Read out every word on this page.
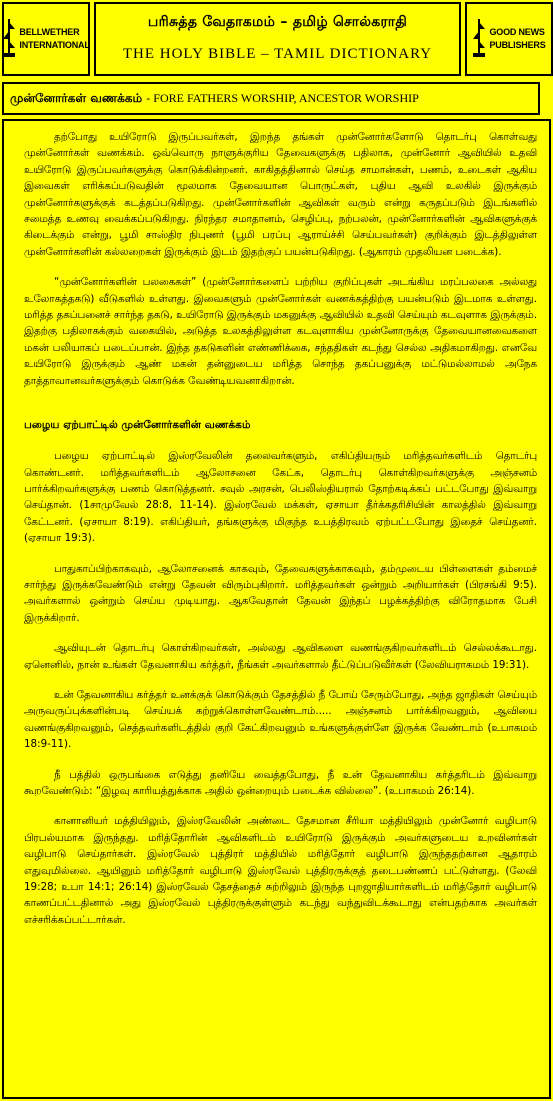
BELLWETHER
INTERNATIONAL
பரிசுத்த வேதாகமம் – தமிழ் சொல்கராதி
THE HOLY BIBLE – TAMIL DICTIONARY
GOOD NEWS
PUBLISHERS
முன்னோர்கள் வணக்கம்
- FORE FATHERS WORSHIP, ANCESTOR WORSHIP

தற்போது உயிரோடு இருப்பவர்கள், இறந்த தங்கள் முன்னோர்களோடு தொடர்பு கொள்வது முன்னோர்கள் வணக்கம். ஒவ்வொரு நாளுக்குரிய தேவைகளுக்கு பதிலாக, முன்னோர் ஆவியில் உதவி உயிரோடு இருப்பவர்களுக்கு கொடுக்கின்றனர். காகிதத்தினால் செய்த சாமான்கள், பணம், உடைகள் ஆகிய இவைகள் எரிக்கப்படுவதின் மூலமாக தேவையான பொருட்கள், புதிய ஆவி உலகில் இருக்கும் முன்னோர்களுக்குக் கடத்தப்படுகிறது. முன்னோர்களின் ஆவிகள் வரும் என்று கருதப்படும் இடங்களில் சமைத்த உணவு வைக்கப்படுகிறது. நிரந்தர சமாதானம், செழிப்பு, நற்பலன், முன்னோர்களின் ஆவிகளுக்குக் கிடைக்கும் என்று, பூமி சாஸ்திர நிபுணர் (பூமி பரப்பு ஆராய்ச்சி செய்பவர்கள்) குறிக்கும் இடத்திலுள்ள முன்னோர்களின் கல்லறைகள் இருக்கும் இடம் இதற்குப் பயன்படுகிறது. (ஆகாரம் முதலியன படைக்க).

“முன்னோர்களின் பலகைகள்” (முன்னோர்களைப் பற்றிய குறிப்புகள் அடங்கிய மரப்பலகை அல்லது உலோகத்தகடு) வீடுகளில் உள்ளது. இவைகளும் முன்னோர்கள் வணக்கத்திற்கு பயன்படும் இடமாக உள்ளது. மரித்த தகப்பனைச் சார்ந்த தகடு, உயிரோடு இருக்கும் மகனுக்கு ஆவியில் உதவி செய்யும் கடவுளாக இருக்கும். இதற்கு பதிலாகக்கும் வகையில், அடுத்த உலகத்திலுள்ள கடவுளாகிய முன்னோருக்கு தேவையானவைகளை மகன் பலியாகப் படைப்பான். இந்த தகடுகளின் எண்ணிக்கை, சந்ததிகள் கடந்து செல்ல அதிகமாகிறது. எனவே உயிரோடு இருக்கும் ஆண் மகன் தன்னுடைய மரித்த சொந்த தகப்பனுக்கு மட்டுமல்லாமல் அநேக தாத்தாவானவர்களுக்கும் கொடுக்க வேண்டியவனாகிறான்.

பழைய ஏற்பாட்டில் முன்னோர்களின் வணக்கம்

பழைய ஏற்பாட்டில் இஸ்ரவேலின் தலைவர்களும், எகிப்தியரும் மரித்தவர்களிடம் தொடர்பு கொண்டனர். மரித்தவர்களிடம் ஆலோசனை கேட்க, தொடர்பு கொள்கிறவர்களுக்கு அஞ்சனம் பார்க்கிறவர்களுக்கு பணம் கொடுத்தனர். சவுல் அரசன், பெலிஸ்தியரால் தோற்கடிக்கப் பட்டபோது இவ்வாறு செய்தான். (1சாமுவேல் 28:8, 11-14). இஸ்ரவேல் மக்கள், ஏசாயா தீர்க்கதரிசியின் காலத்தில் இவ்வாறு கேட்டனர். (ஏசாயா 8:19). எகிப்தியர், தங்களுக்கு மிகுந்த உபத்திரவம் ஏற்பட்டபோது இதைச் செய்தனர். (ஏசாயா 19:3).

பாதுகாப்பிற்காகவும், ஆலோசனைக் காகவும், தேவைகளுக்காகவும், தம்முடைய பிள்ளைகள் தம்மைச் சார்ந்து இருக்கவேண்டும் என்று தேவன் விரும்புகிறார். மரித்தவர்கள் ஒன்றும் அறியார்கள் (பிரசங்கி 9:5). அவர்களால் ஒன்றும் செய்ய முடியாது. ஆகவேதான் தேவன் இந்தப் பழக்கத்திற்கு விரோதமாக பேசி இருக்கிறார்.

ஆவியுடன் தொடர்பு கொள்கிறவர்கள், அல்லது ஆவிகளை வணங்குகிறவர்களிடம் செல்லக்கூடாது. ஏனெனில், நான் உங்கள் தேவனாகிய கர்த்தர், நீங்கள் அவர்களால் தீட்டுப்படுவீர்கள் (லேவியராகமம் 19:31).

உன் தேவனாகிய கர்த்தர் உனக்குக் கொடுக்கும் தேசத்தில் நீ போய் சேரும்போது, அந்த ஜாதிகள் செய்யும் அருவருப்புக்களின்படி செய்யக் கற்றுக்கொள்ளவேண்டாம்..... அஞ்சனம் பார்க்கிறவனும், ஆவியை வணங்குகிறவனும், செத்தவர்களிடத்தில் குறி கேட்கிறவனும் உங்களுக்குள்ளே இருக்க வேண்டாம் (உபாகமம் 18:9-11).

நீ பத்தில் ஒருபங்கை எடுத்து தனியே வைத்தபோது, நீ உன் தேவனாகிய கர்த்தரிடம் இவ்வாறு கூறவேண்டும்: “இழவு காரியத்துக்காக அதில் ஒன்றையும் படைக்க வில்லை”. (உபாகமம் 26:14).

கானானியர் மத்தியிலும், இஸ்ரவேலின் அண்டை தேசமான சீரியா மத்தியிலும் முன்னோர் வழிபாடு பிரபல்யமாக இருந்தது. மரித்தோரின் ஆவிகளிடம் உயிரோடு இருக்கும் அவர்களுடைய உறவினர்கள் வழிபாடு செய்தார்கள். இஸ்ரவேல் புத்திரர் மத்தியில் மரித்தோர் வழிபாடு இருந்ததற்கான ஆதாரம் எதுவுமில்லை. ஆயினும் மரித்தோர் வழிபாடு இஸ்ரவேல் புத்திரருக்குத் தடைபண்ணப் பட்டுள்ளது. (லேவி 19:28; உபா 14:1; 26:14) இஸ்ரவேல் தேசத்தைச் சுற்றிலும் இருந்த புறஜாதியார்களிடம் மரித்தோர் வழிபாடு காணப்பட்டதினால் அது இஸ்ரவேல் புத்திரருக்குள்ளும் கடந்து வந்துவிடக்கூடாது என்பதற்காக அவர்கள் எச்சரிக்கப்பட்டார்கள்.
